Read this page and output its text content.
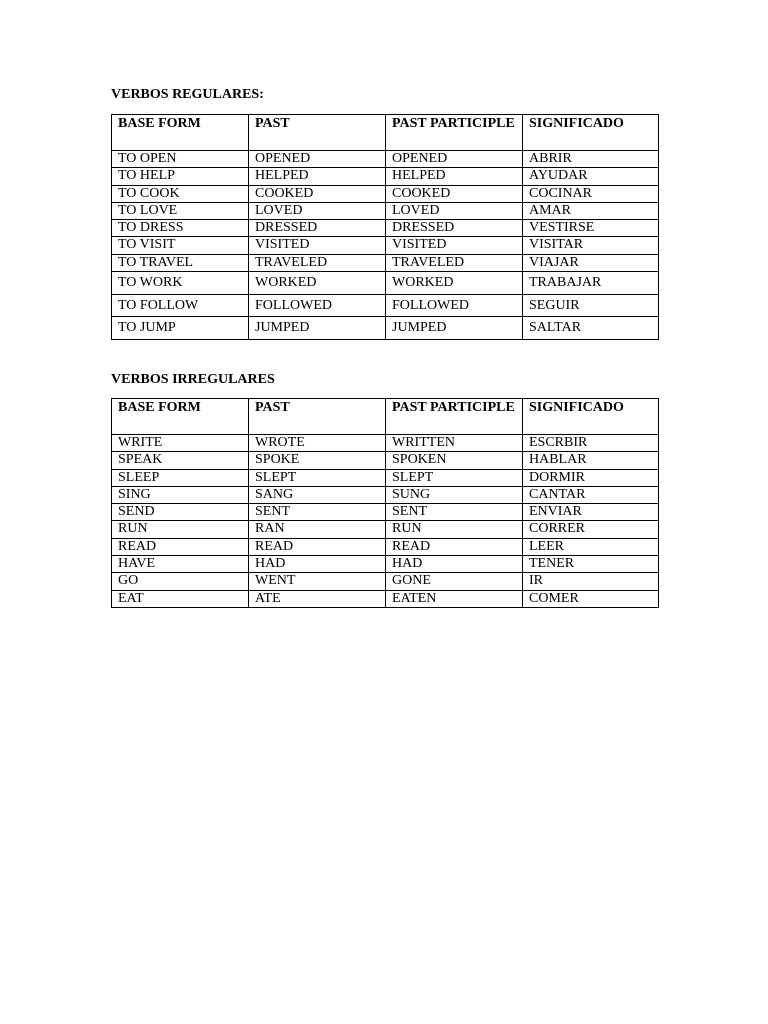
VERBOS REGULARES:
BASE FORM	PAST	PAST PARTICIPLE	SIGNIFICADO
TO OPEN	OPENED	OPENED	ABRIR
TO HELP	HELPED	HELPED	AYUDAR
TO COOK	COOKED	COOKED	COCINAR
TO LOVE	LOVED	LOVED	AMAR
TO DRESS	DRESSED	DRESSED	VESTIRSE
TO VISIT	VISITED	VISITED	VISITAR
TO TRAVEL	TRAVELED	TRAVELED	VIAJAR
TO WORK	WORKED	WORKED	TRABAJAR
TO FOLLOW	FOLLOWED	FOLLOWED	SEGUIR
TO JUMP	JUMPED	JUMPED	SALTAR
VERBOS IRREGULARES
BASE FORM	PAST	PAST PARTICIPLE	SIGNIFICADO
WRITE	WROTE	WRITTEN	ESCRBIR
SPEAK	SPOKE	SPOKEN	HABLAR
SLEEP	SLEPT	SLEPT	DORMIR
SING	SANG	SUNG	CANTAR
SEND	SENT	SENT	ENVIAR
RUN	RAN	RUN	CORRER
READ	READ	READ	LEER
HAVE	HAD	HAD	TENER
GO	WENT	GONE	IR
EAT	ATE	EATEN	COMER
